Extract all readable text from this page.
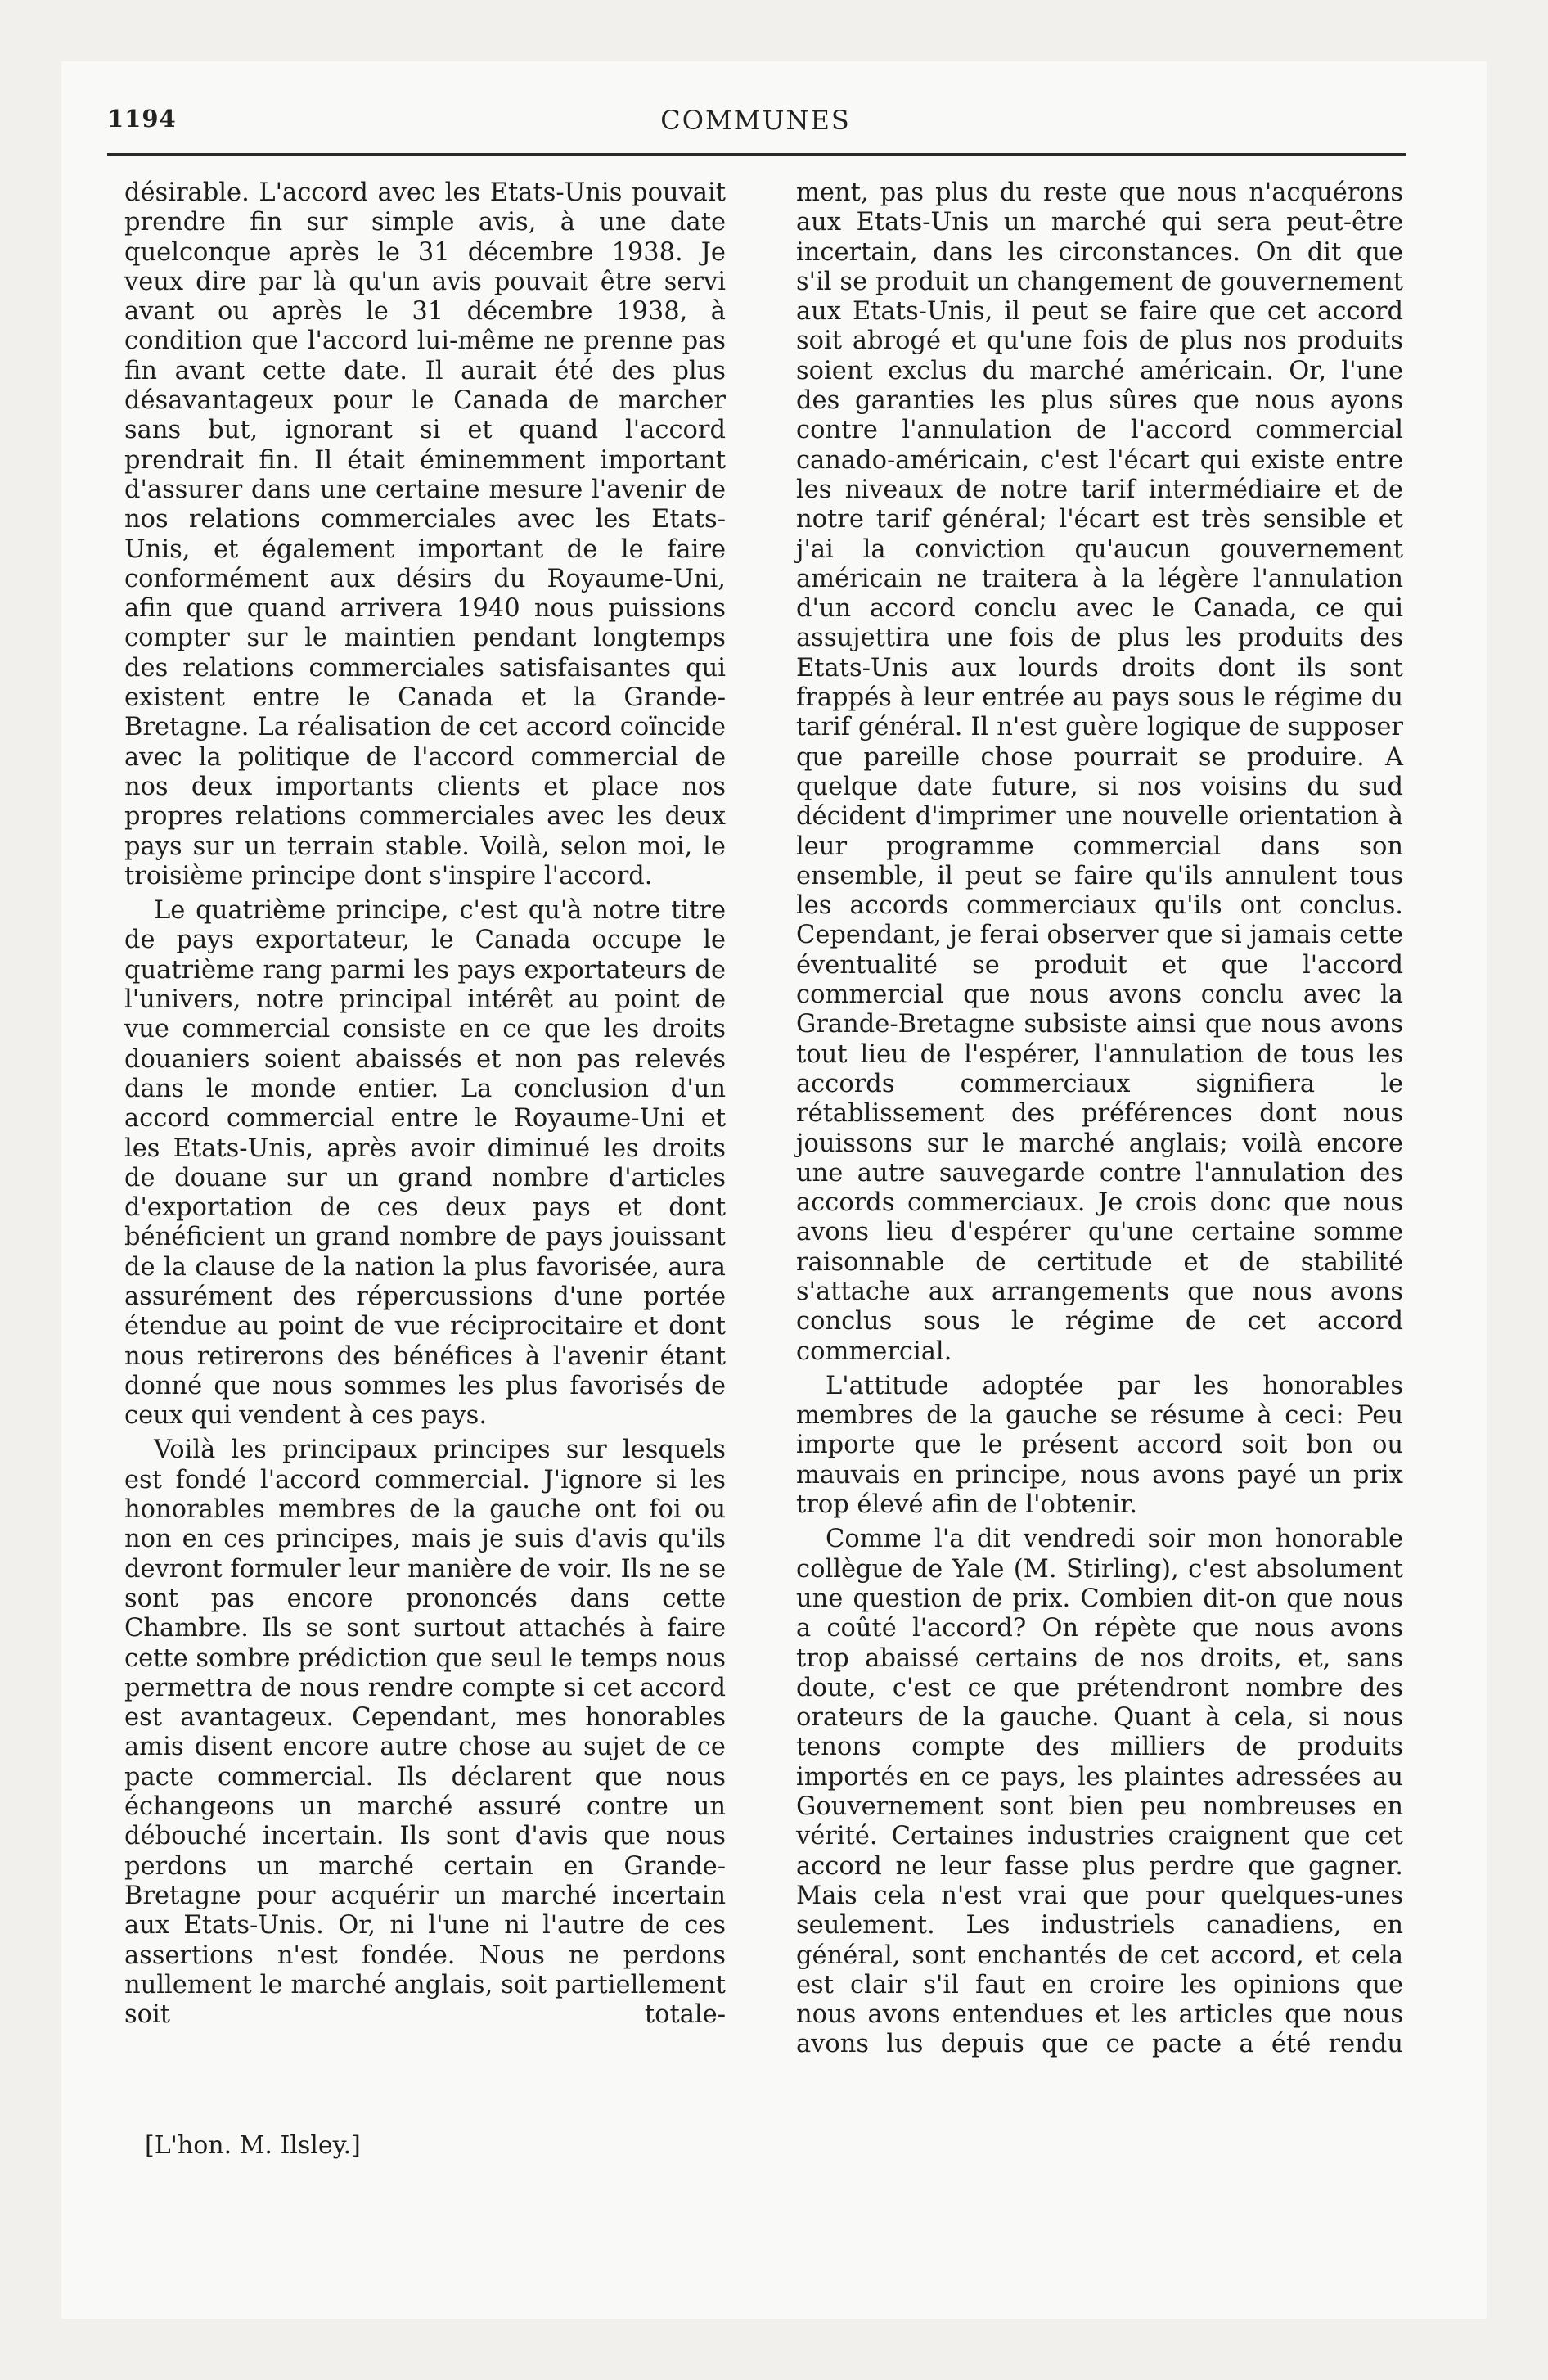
1194	COMMUNES

désirable. L'accord avec les Etats-Unis pouvait prendre fin sur simple avis, à une date quelconque après le 31 décembre 1938. Je veux dire par là qu'un avis pouvait être servi avant ou après le 31 décembre 1938, à condition que l'accord lui-même ne prenne pas fin avant cette date. Il aurait été des plus désavantageux pour le Canada de marcher sans but, ignorant si et quand l'accord prendrait fin. Il était éminemment important d'assurer dans une certaine mesure l'avenir de nos relations commerciales avec les Etats-Unis, et également important de le faire conformément aux désirs du Royaume-Uni, afin que quand arrivera 1940 nous puissions compter sur le maintien pendant longtemps des relations commerciales satisfaisantes qui existent entre le Canada et la Grande-Bretagne. La réalisation de cet accord coïncide avec la politique de l'accord commercial de nos deux importants clients et place nos propres relations commerciales avec les deux pays sur un terrain stable. Voilà, selon moi, le troisième principe dont s'inspire l'accord.

Le quatrième principe, c'est qu'à notre titre de pays exportateur, le Canada occupe le quatrième rang parmi les pays exportateurs de l'univers, notre principal intérêt au point de vue commercial consiste en ce que les droits douaniers soient abaissés et non pas relevés dans le monde entier. La conclusion d'un accord commercial entre le Royaume-Uni et les Etats-Unis, après avoir diminué les droits de douane sur un grand nombre d'articles d'exportation de ces deux pays et dont bénéficient un grand nombre de pays jouissant de la clause de la nation la plus favorisée, aura assurément des répercussions d'une portée étendue au point de vue réciprocitaire et dont nous retirerons des bénéfices à l'avenir étant donné que nous sommes les plus favorisés de ceux qui vendent à ces pays.

Voilà les principaux principes sur lesquels est fondé l'accord commercial. J'ignore si les honorables membres de la gauche ont foi ou non en ces principes, mais je suis d'avis qu'ils devront formuler leur manière de voir. Ils ne se sont pas encore prononcés dans cette Chambre. Ils se sont surtout attachés à faire cette sombre prédiction que seul le temps nous permettra de nous rendre compte si cet accord est avantageux. Cependant, mes honorables amis disent encore autre chose au sujet de ce pacte commercial. Ils déclarent que nous échangeons un marché assuré contre un débouché incertain. Ils sont d'avis que nous perdons un marché certain en Grande-Bretagne pour acquérir un marché incertain aux Etats-Unis. Or, ni l'une ni l'autre de ces assertions n'est fondée. Nous ne perdons nullement le marché anglais, soit partiellement soit totale-

[L'hon. M. Ilsley.]

ment, pas plus du reste que nous n'acquérons aux Etats-Unis un marché qui sera peut-être incertain, dans les circonstances. On dit que s'il se produit un changement de gouvernement aux Etats-Unis, il peut se faire que cet accord soit abrogé et qu'une fois de plus nos produits soient exclus du marché américain. Or, l'une des garanties les plus sûres que nous ayons contre l'annulation de l'accord commercial canado-américain, c'est l'écart qui existe entre les niveaux de notre tarif intermédiaire et de notre tarif général; l'écart est très sensible et j'ai la conviction qu'aucun gouvernement américain ne traitera à la légère l'annulation d'un accord conclu avec le Canada, ce qui assujettira une fois de plus les produits des Etats-Unis aux lourds droits dont ils sont frappés à leur entrée au pays sous le régime du tarif général. Il n'est guère logique de supposer que pareille chose pourrait se produire. A quelque date future, si nos voisins du sud décident d'imprimer une nouvelle orientation à leur programme commercial dans son ensemble, il peut se faire qu'ils annulent tous les accords commerciaux qu'ils ont conclus. Cependant, je ferai observer que si jamais cette éventualité se produit et que l'accord commercial que nous avons conclu avec la Grande-Bretagne subsiste ainsi que nous avons tout lieu de l'espérer, l'annulation de tous les accords commerciaux signifiera le rétablissement des préférences dont nous jouissons sur le marché anglais; voilà encore une autre sauvegarde contre l'annulation des accords commerciaux. Je crois donc que nous avons lieu d'espérer qu'une certaine somme raisonnable de certitude et de stabilité s'attache aux arrangements que nous avons conclus sous le régime de cet accord commercial.

L'attitude adoptée par les honorables membres de la gauche se résume à ceci: Peu importe que le présent accord soit bon ou mauvais en principe, nous avons payé un prix trop élevé afin de l'obtenir.

Comme l'a dit vendredi soir mon honorable collègue de Yale (M. Stirling), c'est absolument une question de prix. Combien dit-on que nous a coûté l'accord? On répète que nous avons trop abaissé certains de nos droits, et, sans doute, c'est ce que prétendront nombre des orateurs de la gauche. Quant à cela, si nous tenons compte des milliers de produits importés en ce pays, les plaintes adressées au Gouvernement sont bien peu nombreuses en vérité. Certaines industries craignent que cet accord ne leur fasse plus perdre que gagner. Mais cela n'est vrai que pour quelques-unes seulement. Les industriels canadiens, en général, sont enchantés de cet accord, et cela est clair s'il faut en croire les opinions que nous avons entendues et les articles que nous avons lus depuis que ce pacte a été rendu
